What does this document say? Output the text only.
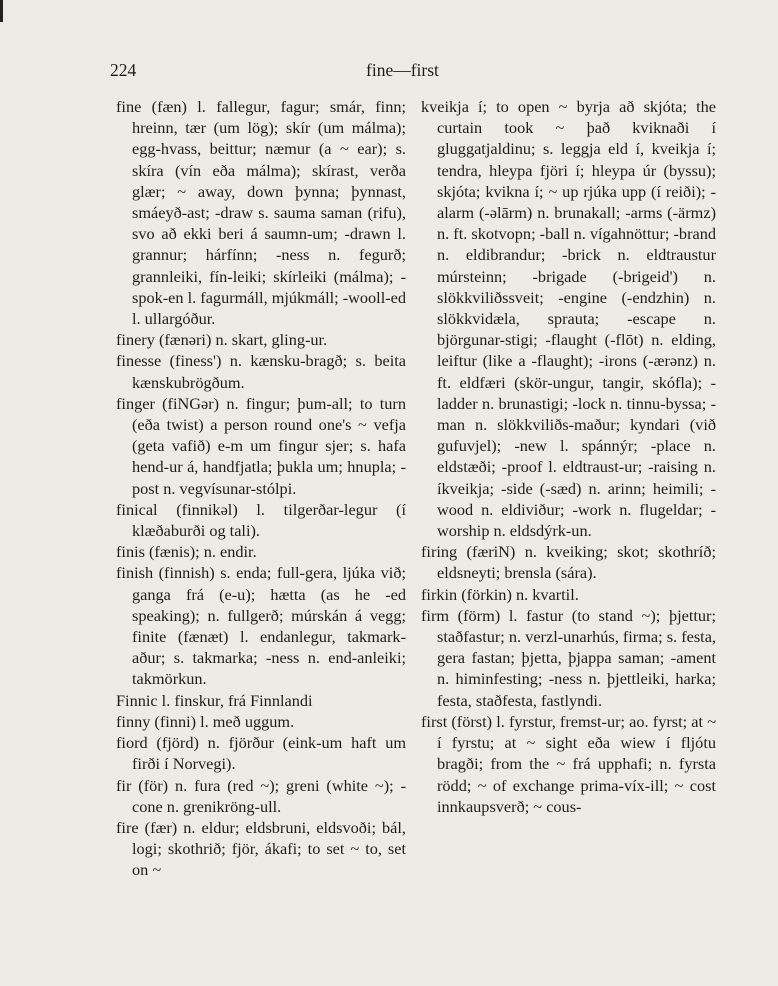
224	fine—first

fine (fæn) l. fallegur, fagur; smár, finn; hreinn, tær (um lög); skír (um málma); egg-hvass, beittur; næmur (a ~ ear); s. skíra (vín eða málma); skírast, verða glær; ~ away, down þynna; þynnast, smáeyð-ast; -draw s. sauma saman (rifu), svo að ekki beri á saumn-um; -drawn l. grannur; hárfínn; -ness n. fegurð; grannleiki, fín-leiki; skírleiki (málma); -spok-en l. fagurmáll, mjúkmáll; -wooll-ed l. ullargóður.

finery (fænəri) n. skart, gling-ur.

finesse (finess') n. kænsku-bragð; s. beita kænskubrögðum.

finger (fiNGər) n. fingur; þum-all; to turn (eða twist) a person round one's ~ vefja (geta vafið) e-m um fingur sjer; s. hafa hend-ur á, handfjatla; þukla um; hnupla; -post n. vegvísunar-stólpi.

finical (finnikəl) l. tilgerðar-legur (í klæðaburði og tali).

finis (fænis); n. endir.

finish (finnish) s. enda; full-gera, ljúka við; ganga frá (e-u); hætta (as he -ed speaking); n. fullgerð; múrskán á vegg; finite (fænæt) l. endanlegur, takmark-aður; s. takmarka; -ness n. end-anleiki; takmörkun.

Finnic l. finskur, frá Finnlandi

finny (finni) l. með uggum.

fiord (fjörd) n. fjörður (eink-um haft um firði í Norvegi).

fir (för) n. fura (red ~); greni (white ~); -cone n. grenikröng-ull.

fire (fær) n. eldur; eldsbruni, eldsvoði; bál, logi; skothrið; fjör, ákafi; to set ~ to, set on ~

kveikja í; to open ~ byrja að skjóta; the curtain took ~ það kviknaði í gluggatjaldinu; s. leggja eld í, kveikja í; tendra, hleypa fjöri í; hleypa úr (byssu); skjóta; kvikna í; ~ up rjúka upp (í reiði); -alarm (-əlārm) n. brunakall; -arms (-ärmz) n. ft. skotvopn; -ball n. vígahnöttur; -brand n. eldibrandur; -brick n. eldtraustur múrsteinn; -brigade (-brigeid') n. slökkviliðssveit; -engine (-endzhin) n. slökkvidæla, sprauta; -escape n. björgunar-stigi; -flaught (-flōt) n. elding, leiftur (like a -flaught); -irons (-ærənz) n. ft. eldfæri (skör-ungur, tangir, skófla); -ladder n. brunastigi; -lock n. tinnu-byssa; -man n. slökkviliðs-maður; kyndari (við gufuvjel); -new l. spánnýr; -place n. eldstæði; -proof l. eldtraust-ur; -raising n. íkveikja; -side (-sæd) n. arinn; heimili; -wood n. eldiviður; -work n. flugeldar; -worship n. eldsdýrk-un.

firing (færiN) n. kveiking; skot; skothríð; eldsneyti; brensla (sára).

firkin (förkin) n. kvartil.

firm (förm) l. fastur (to stand ~); þjettur; staðfastur; n. verzl-unarhús, firma; s. festa, gera fastan; þjetta, þjappa saman; -ament n. himinfesting; -ness n. þjettleiki, harka; festa, staðfesta, fastlyndi.

first (först) l. fyrstur, fremst-ur; ao. fyrst; at ~ í fyrstu; at ~ sight eða wiew í fljótu bragði; from the ~ frá upphafi; n. fyrsta rödd; ~ of exchange prima-víx-ill; ~ cost innkaupsverð; ~ cous-
